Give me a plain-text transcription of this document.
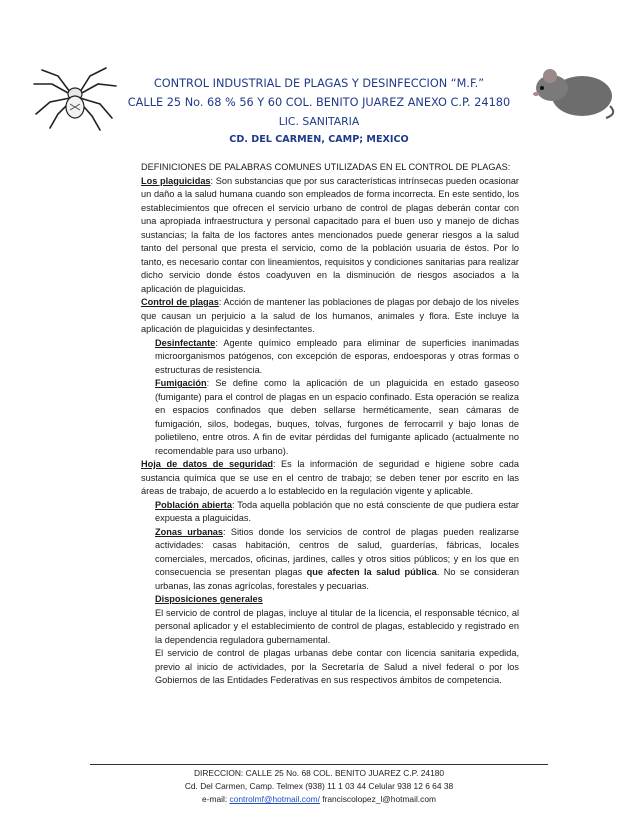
CONTROL INDUSTRIAL DE PLAGAS Y DESINFECCION “M.F.”
CALLE 25 No. 68 % 56 Y 60 COL. BENITO JUAREZ ANEXO C.P. 24180
LIC. SANITARIA
CD. DEL CARMEN, CAMP; MEXICO

DEFINICIONES DE PALABRAS COMUNES UTILIZADAS EN EL CONTROL DE PLAGAS:

Los plaguicidas: Son substancias que por sus características intrínsecas pueden ocasionar un daño a la salud humana cuando son empleados de forma incorrecta. En este sentido, los establecimientos que ofrecen el servicio urbano de control de plagas deberán contar con una apropiada infraestructura y personal capacitado para el buen uso y manejo de dichas sustancias; la falta de los factores antes mencionados puede generar riesgos a la salud tanto del personal que presta el servicio, como de la población usuaria de éstos. Por lo tanto, es necesario contar con lineamientos, requisitos y condiciones sanitarias para realizar dicho servicio donde éstos coadyuven en la disminución de riesgos asociados a la aplicación de plaguicidas.

Control de plagas: Acción de mantener las poblaciones de plagas por debajo de los niveles que causan un perjuicio a la salud de los humanos, animales y flora. Este incluye la aplicación de plaguicidas y desinfectantes.

Desinfectante: Agente químico empleado para eliminar de superficies inanimadas microorganismos patógenos, con excepción de esporas, endoesporas y otras formas o estructuras de resistencia.

Fumigación: Se define como la aplicación de un plaguicida en estado gaseoso (fumigante) para el control de plagas en un espacio confinado. Esta operación se realiza en espacios confinados que deben sellarse herméticamente, sean cámaras de fumigación, silos, bodegas, buques, tolvas, furgones de ferrocarril y bajo lonas de polietileno, entre otros. A fin de evitar pérdidas del fumigante aplicado (actualmente no recomendable para uso urbano).

Hoja de datos de seguridad: Es la información de seguridad e higiene sobre cada sustancia química que se use en el centro de trabajo; se deben tener por escrito en las áreas de trabajo, de acuerdo a lo establecido en la regulación vigente y aplicable.

Población abierta: Toda aquella población que no está consciente de que pudiera estar expuesta a plaguicidas.

Zonas urbanas: Sitios donde los servicios de control de plagas pueden realizarse actividades: casas habitación, centros de salud, guarderías, fábricas, locales comerciales, mercados, oficinas, jardines, calles y otros sitios públicos; y en los que en consecuencia se presentan plagas que afecten la salud pública. No se consideran urbanas, las zonas agrícolas, forestales y pecuarias.

Disposiciones generales

El servicio de control de plagas, incluye al titular de la licencia, el responsable técnico, al personal aplicador y el establecimiento de control de plagas, establecido y registrado en la dependencia reguladora gubernamental.

El servicio de control de plagas urbanas debe contar con licencia sanitaria expedida, previo al inicio de actividades, por la Secretaría de Salud a nivel federal o por los Gobiernos de las Entidades Federativas en sus respectivos ámbitos de competencia.

DIRECCION: CALLE 25 No. 68 COL. BENITO JUAREZ C.P. 24180
Cd. Del Carmen, Camp. Telmex (938) 11 1 03 44 Celular 938 12 6 64 38
e-mail: controlmf@hotmail.com/ franciscolopez_l@hotmail.com
